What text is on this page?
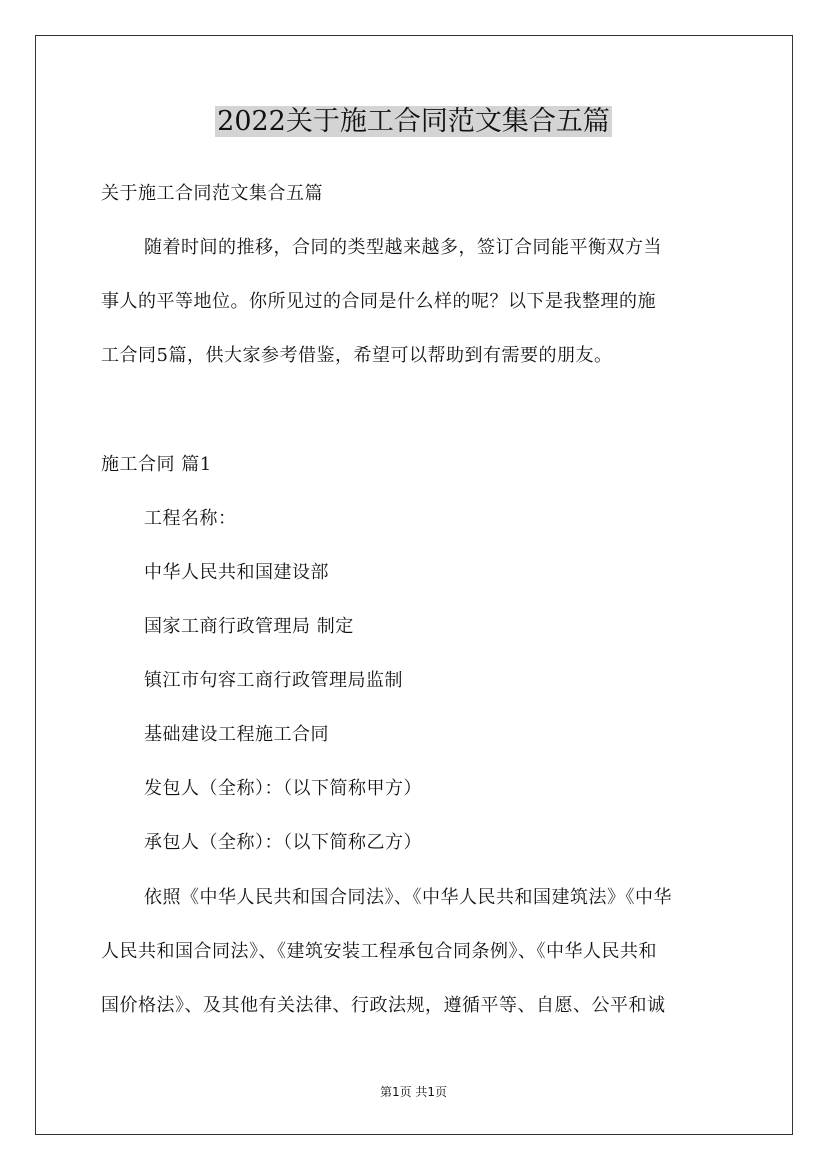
2022关于施工合同范文集合五篇
关于施工合同范文集合五篇
随着时间的推移，合同的类型越来越多，签订合同能平衡双方当
事人的平等地位。你所见过的合同是什么样的呢？以下是我整理的施
工合同5篇，供大家参考借鉴，希望可以帮助到有需要的朋友。
施工合同 篇1
工程名称：
中华人民共和国建设部
国家工商行政管理局 制定
镇江市句容工商行政管理局监制
基础建设工程施工合同
发包人（全称）：（以下简称甲方）
承包人（全称）：（以下简称乙方）
依照《中华人民共和国合同法》、《中华人民共和国建筑法》《中华
人民共和国合同法》、《建筑安装工程承包合同条例》、《中华人民共和
国价格法》、及其他有关法律、行政法规，遵循平等、自愿、公平和诚
第1页 共1页
